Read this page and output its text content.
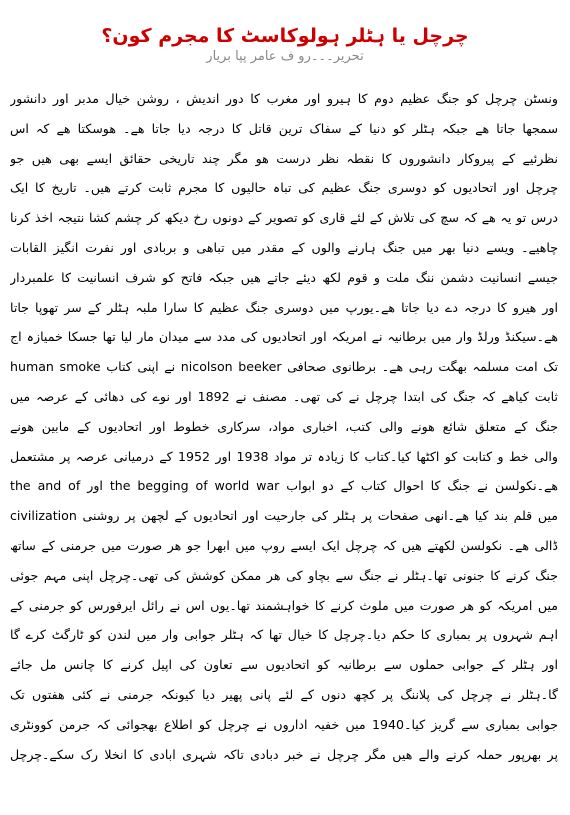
چرچل یا ہٹلر ہولوکاسٹ کا مجرم کون؟
تحریر۔۔۔رو ف عامر پپا بریار
ونسٹن چرچل کو جنگ عظیم دوم کا ہیرو اور مغرب کا دور اندیش ، روشن خیال مدبر اور دانشور
سمجھا جاتا ھے جبکہ ہٹلر کو دنیا کے سفاک ترین قاتل کا درجہ دیا جاتا ھے۔ ھوسکتا ھے کہ اس
نظرئیے کے پیروکار دانشوروں کا نقطہ نظر درست ھو مگر چند تاریخی حقائق ایسے بھی ھیں جو
چرچل اور اتحادیوں کو دوسری جنگ عظیم کی تباہ حالیوں کا مجرم ثابت کرتے ھیں۔ تاریخ کا ایک
درس تو یہ ھے کہ سچ کی تلاش کے لئے قاری کو تصویر کے دونوں رخ دیکھ کر چشم کشا نتیجہ اخذ کرنا
چاھیے۔ ویسے دنیا بھر میں جنگ ہارنے والوں کے مقدر میں تباھی و بربادی اور نفرت انگیز القابات
جیسے انسانیت دشمن ننگ ملت و قوم لکھ دیئے جاتے ھیں جبکہ فاتح کو شرف انسانیت کا علمبردار
اور ھیرو کا درجہ دے دیا جاتا ھے۔یورپ میں دوسری جنگ عظیم کا سارا ملبہ ہٹلر کے سر تھوپا جاتا
ھے۔سیکنڈ ورلڈ وار میں برطانیہ نے امریکہ اور اتحادیوں کی مدد سے میدان مار لیا تھا جسکا خمیازہ اج
تک امت مسلمہ بھگت رہی ھے۔ برطانوی صحافی nicolson beeker نے اپنی کتاب human smoke
ثابت کیاھے کہ جنگ کی ابتدا چرچل نے کی تھی۔ مصنف نے 1892 اور نوے کی دھائی کے عرصہ میں
جنگ کے متعلق شائع ھونے والی کتب، اخباری مواد، سرکاری خطوط اور اتحادیوں کے مابین ھونے
والی خط و کتابت کو اکٹھا کیا۔کتاب کا زیادہ تر مواد 1938 اور 1952 کے درمیانی عرصہ پر مشتعمل
ھے۔نکولسن نے جنگ کا احوال کتاب کے دو ابواب the begging of world war اور the and of
civilization میں قلم بند کیا ھے۔انھی صفحات پر ہٹلر کی جارحیت اور اتحادیوں کے لچھن پر روشنی
ڈالی ھے۔ نکولسن لکھتے ھیں کہ چرچل ایک ایسے روپ میں ابھرا جو ھر صورت میں جرمنی کے ساتھ
جنگ کرنے کا جنونی تھا۔ہٹلر نے جنگ سے بچاو کی ھر ممکن کوشش کی تھی۔چرچل اپنی مہم جوئی
میں امریکہ کو ھر صورت میں ملوث کرنے کا خواہشمند تھا۔یوں اس نے رائل ایرفورس کو جرمنی کے
اہم شہروں پر بمباری کا حکم دیا۔چرچل کا خیال تھا کہ ہٹلر جوابی وار میں لندن کو ٹارگٹ کرے گا
اور ہٹلر کے جوابی حملوں سے برطانیہ کو اتحادیوں سے تعاون کی اپیل کرنے کا چانس مل جائے
گا۔ہٹلر نے چرچل کی پلاننگ پر کچھ دنوں کے لئے پانی پھیر دیا کیونکہ جرمنی نے کئی ھفتوں تک
جوابی بمباری سے گریز کیا۔1940 میں خفیہ اداروں نے چرچل کو اطلاع بھجوائی کہ جرمن کوونٹری
پر بھرپور حملہ کرنے والے ھیں مگر چرچل نے خبر دبادی تاکہ شہری ابادی کا انخلا رک سکے۔چرچل
